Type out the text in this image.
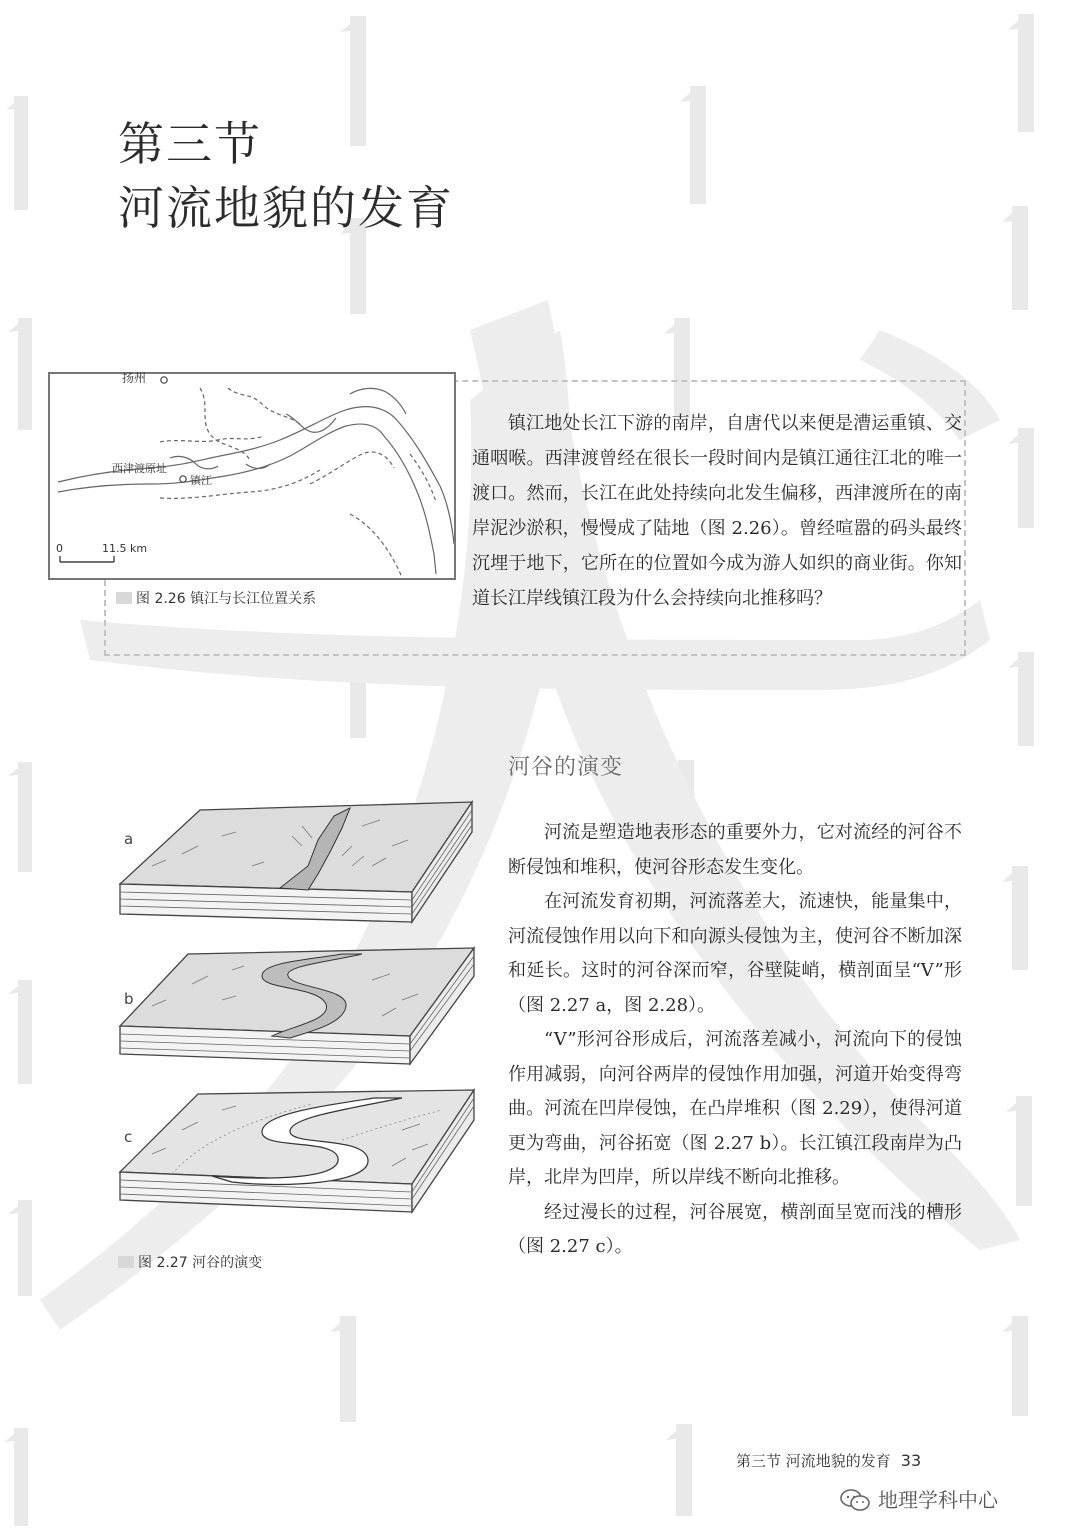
第三节
河流地貌的发育
扬州
西津渡原址
镇江
0	11.5 km
图 2.26 镇江与长江位置关系
镇江地处长江下游的南岸，自唐代以来便是漕运重镇、交通咽喉。西津渡曾经在很长一段时间内是镇江通往江北的唯一渡口。然而，长江在此处持续向北发生偏移，西津渡所在的南岸泥沙淤积，慢慢成了陆地（图 2.26）。曾经喧嚣的码头最终沉埋于地下，它所在的位置如今成为游人如织的商业街。你知道长江岸线镇江段为什么会持续向北推移吗？
河谷的演变

河流是塑造地表形态的重要外力，它对流经的河谷不断侵蚀和堆积，使河谷形态发生变化。

在河流发育初期，河流落差大，流速快，能量集中，河流侵蚀作用以向下和向源头侵蚀为主，使河谷不断加深和延长。这时的河谷深而窄，谷壁陡峭，横剖面呈“V”形（图 2.27 a，图 2.28）。

“V”形河谷形成后，河流落差减小，河流向下的侵蚀作用减弱，向河谷两岸的侵蚀作用加强，河道开始变得弯曲。河流在凹岸侵蚀，在凸岸堆积（图 2.29），使得河道更为弯曲，河谷拓宽（图 2.27 b）。长江镇江段南岸为凸岸，北岸为凹岸，所以岸线不断向北推移。

经过漫长的过程，河谷展宽，横剖面呈宽而浅的槽形（图 2.27 c）。

a
b
c
图 2.27 河谷的演变
第三节 河流地貌的发育 33
地理学科中心
